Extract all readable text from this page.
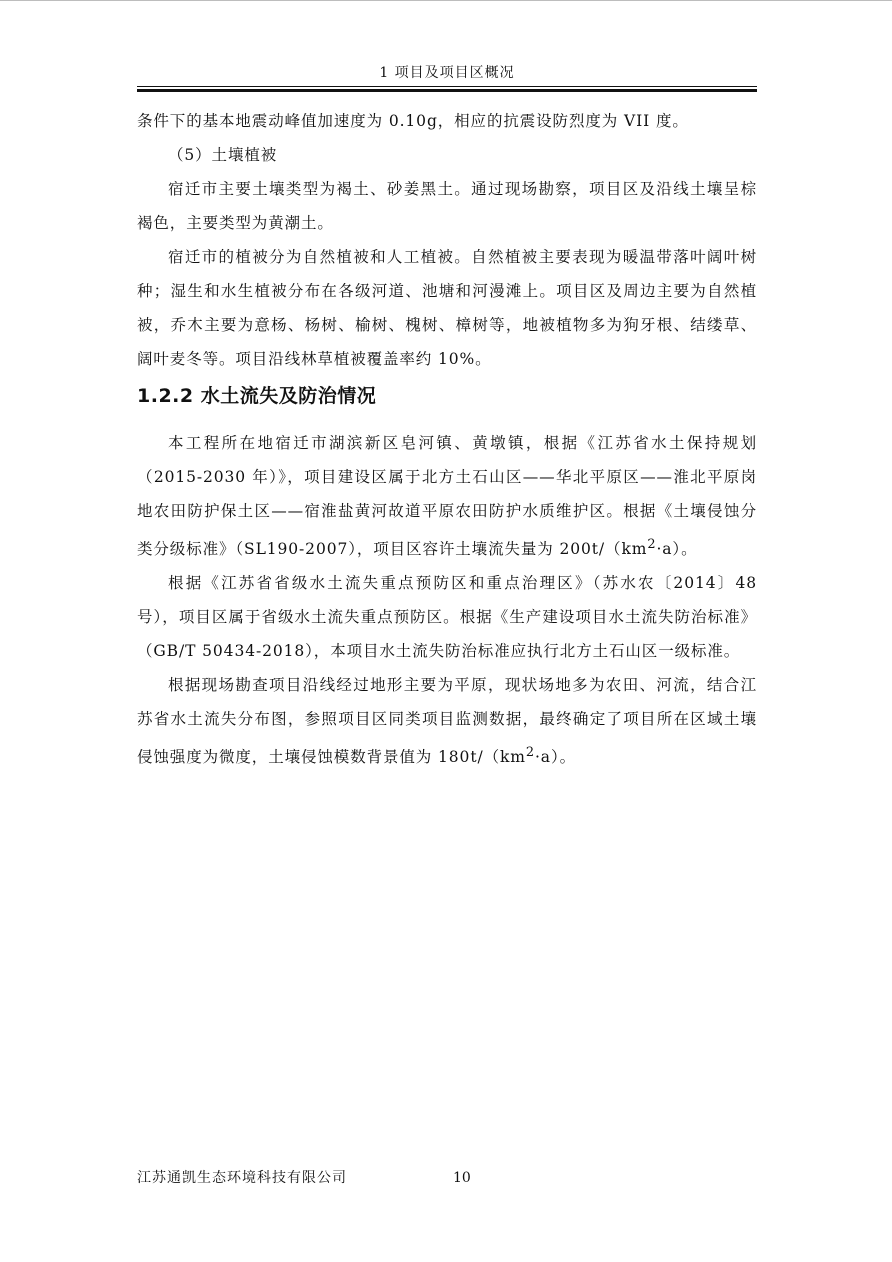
1 项目及项目区概况

条件下的基本地震动峰值加速度为 0.10g，相应的抗震设防烈度为 VII 度。

（5）土壤植被

宿迁市主要土壤类型为褐土、砂姜黑土。通过现场勘察，项目区及沿线土壤呈棕褐色，主要类型为黄潮土。

宿迁市的植被分为自然植被和人工植被。自然植被主要表现为暖温带落叶阔叶树种；湿生和水生植被分布在各级河道、池塘和河漫滩上。项目区及周边主要为自然植被，乔木主要为意杨、杨树、榆树、槐树、樟树等，地被植物多为狗牙根、结缕草、阔叶麦冬等。项目沿线林草植被覆盖率约 10%。

1.2.2 水土流失及防治情况

本工程所在地宿迁市湖滨新区皂河镇、黄墩镇，根据《江苏省水土保持规划（2015-2030 年）》，项目建设区属于北方土石山区——华北平原区——淮北平原岗地农田防护保土区——宿淮盐黄河故道平原农田防护水质维护区。根据《土壤侵蚀分类分级标准》（SL190-2007），项目区容许土壤流失量为 $200t/(km^2\cdot a)$。

根据《江苏省省级水土流失重点预防区和重点治理区》（苏水农〔2014〕48 号），项目区属于省级水土流失重点预防区。根据《生产建设项目水土流失防治标准》（GB/T 50434-2018），本项目水土流失防治标准应执行北方土石山区一级标准。

根据现场勘查项目沿线经过地形主要为平原，现状场地多为农田、河流，结合江苏省水土流失分布图，参照项目区同类项目监测数据，最终确定了项目所在区域土壤侵蚀强度为微度，土壤侵蚀模数背景值为 $180t/(km^2\cdot a)$。

江苏通凯生态环境科技有限公司	10
